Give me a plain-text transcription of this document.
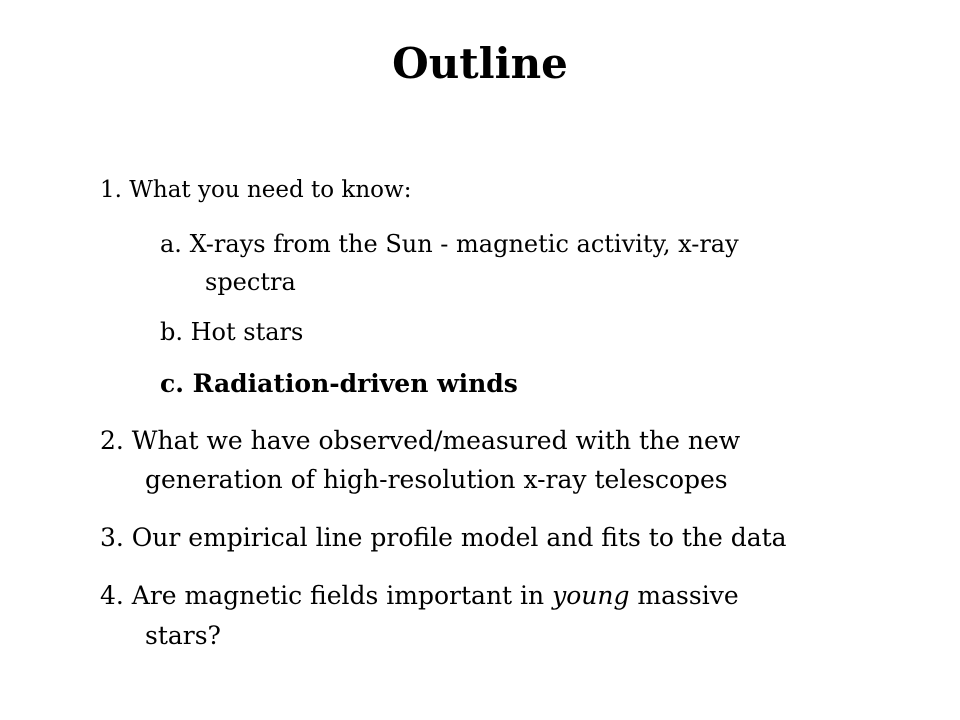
Outline

1. What you need to know:

a. X-rays from the Sun - magnetic activity, x-ray

spectra

b. Hot stars

c. Radiation-driven winds

2. What we have observed/measured with the new

generation of high-resolution x-ray telescopes

3. Our empirical line profile model and fits to the data

4. Are magnetic fields important in young massive

stars?
